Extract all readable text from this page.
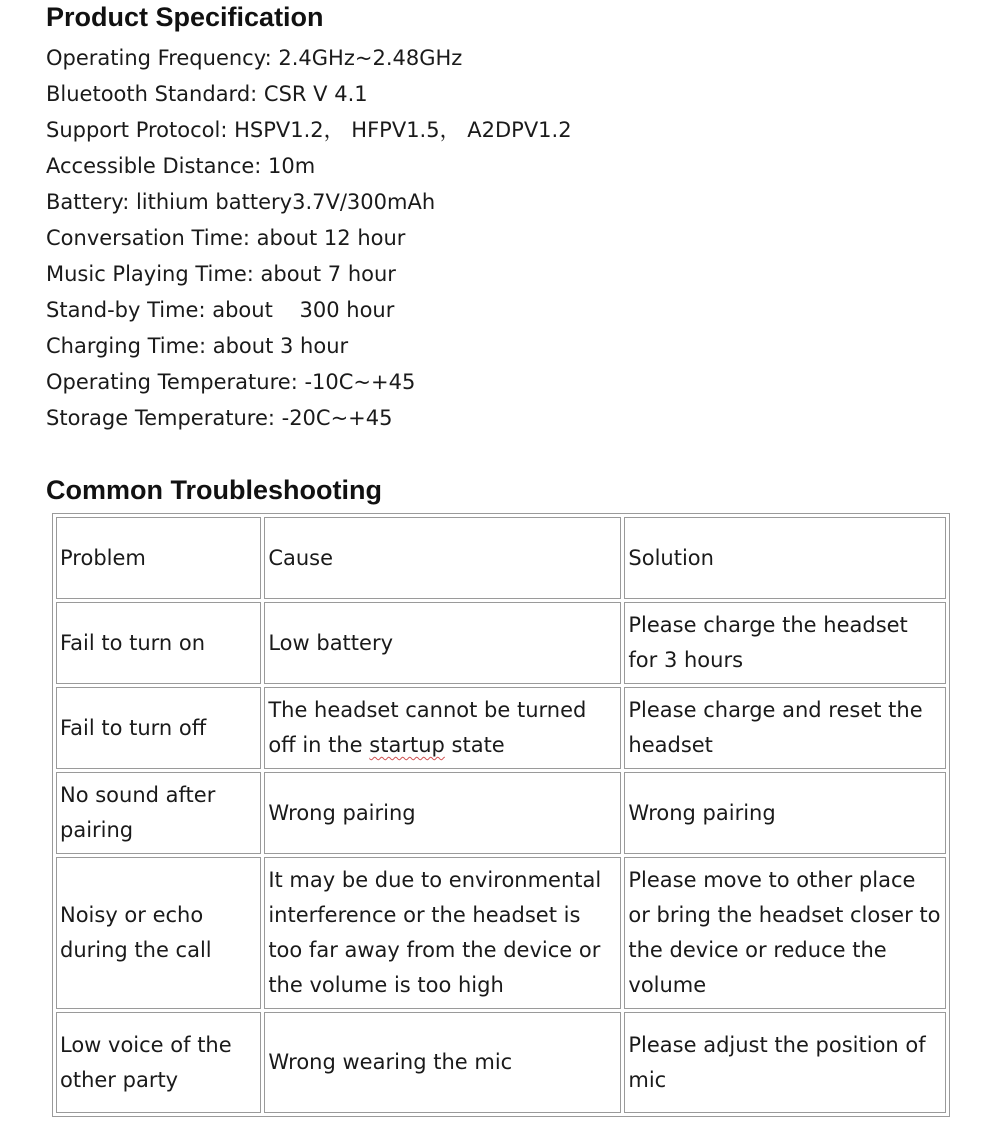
Product Specification
Operating Frequency: 2.4GHz~2.48GHz
Bluetooth Standard: CSR V 4.1
Support Protocol: HSPV1.2， HFPV1.5， A2DPV1.2
Accessible Distance: 10m
Battery: lithium battery3.7V/300mAh
Conversation Time: about 12 hour
Music Playing Time: about 7 hour
Stand-by Time: about    300 hour
Charging Time: about 3 hour
Operating Temperature: -10C~+45
Storage Temperature: -20C~+45
Common Troubleshooting
Problem	Cause	Solution
Fail to turn on	Low battery	Please charge the headset for 3 hours
Fail to turn off	The headset cannot be turned off in the startup state	Please charge and reset the headset
No sound after pairing	Wrong pairing	Wrong pairing
Noisy or echo during the call	It may be due to environmental interference or the headset is too far away from the device or the volume is too high	Please move to other place or bring the headset closer to the device or reduce the volume
Low voice of the other party	Wrong wearing the mic	Please adjust the position of mic
